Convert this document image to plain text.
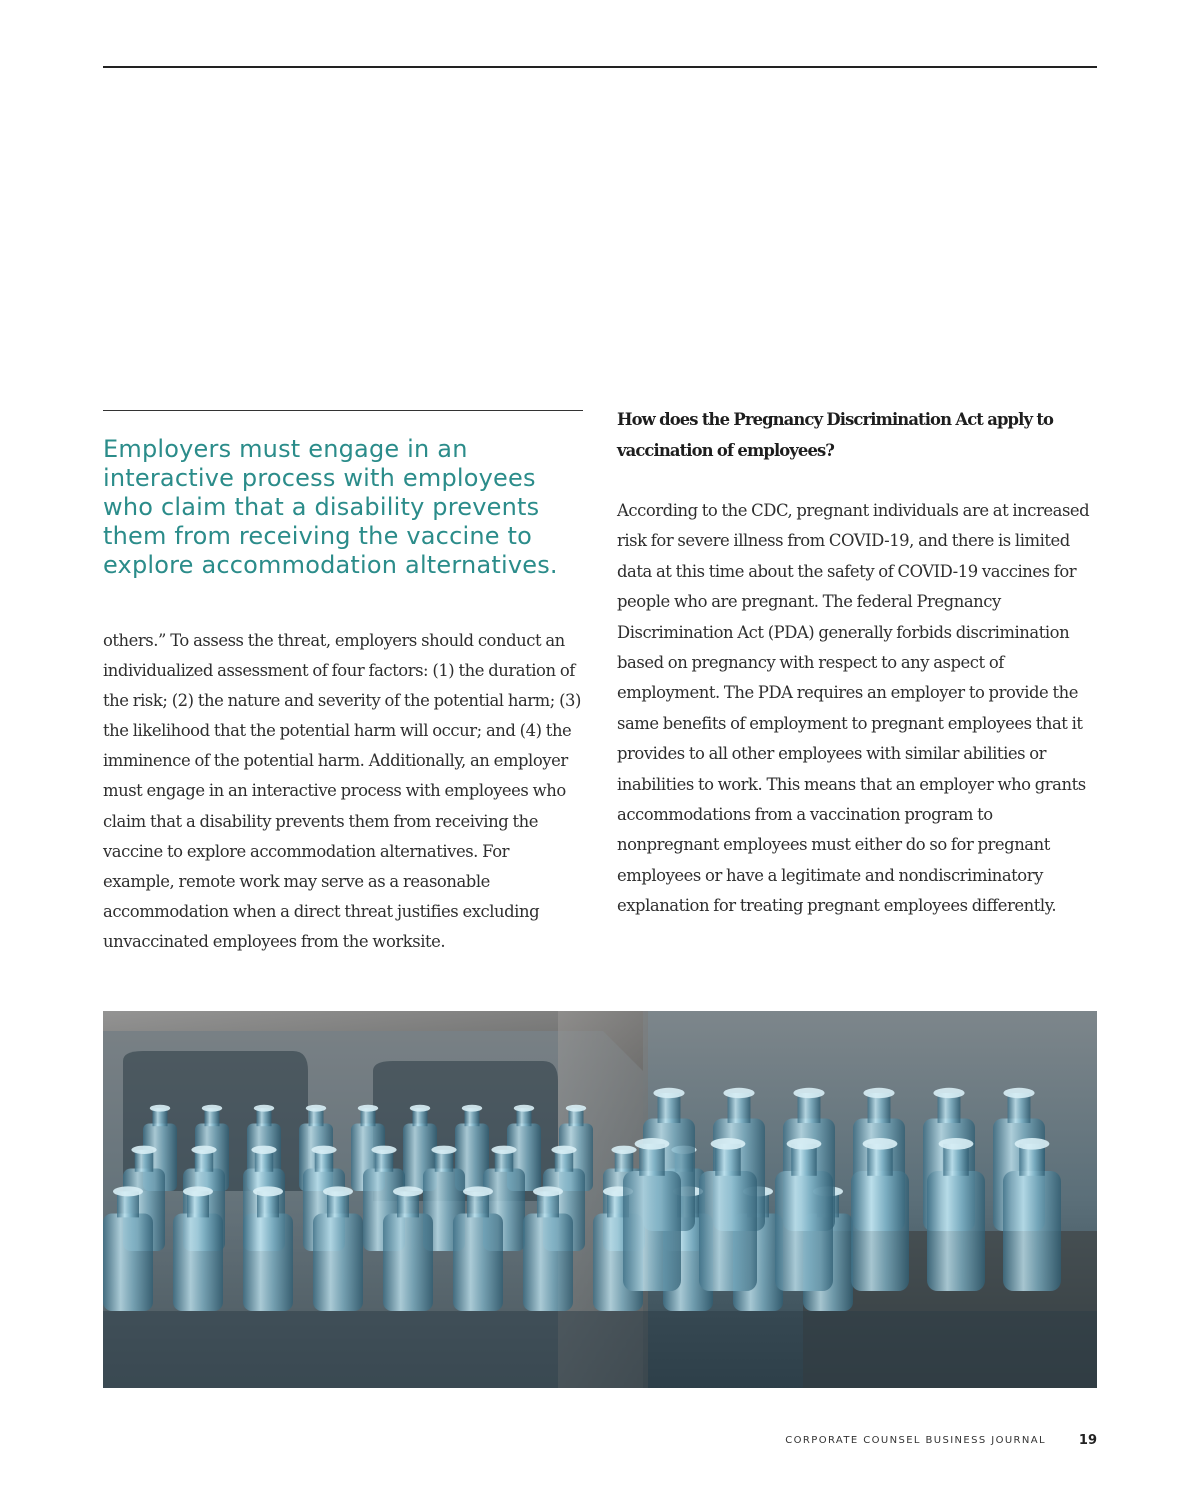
Employers must engage in an interactive process with employees who claim that a disability prevents them from receiving the vaccine to explore accommodation alternatives.

others.” To assess the threat, employers should conduct an individualized assessment of four factors: (1) the duration of the risk; (2) the nature and severity of the potential harm; (3) the likelihood that the potential harm will occur; and (4) the imminence of the potential harm. Additionally, an employer must engage in an interactive process with employees who claim that a disability prevents them from receiving the vaccine to explore accommodation alternatives. For example, remote work may serve as a reasonable accommodation when a direct threat justifies excluding unvaccinated employees from the worksite.

How does the Pregnancy Discrimination Act apply to vaccination of employees?

According to the CDC, pregnant individuals are at increased risk for severe illness from COVID-19, and there is limited data at this time about the safety of COVID-19 vaccines for people who are pregnant. The federal Pregnancy Discrimination Act (PDA) generally forbids discrimination based on pregnancy with respect to any aspect of employment. The PDA requires an employer to provide the same benefits of employment to pregnant employees that it provides to all other employees with similar abilities or inabilities to work. This means that an employer who grants accommodations from a vaccination program to nonpregnant employees must either do so for pregnant employees or have a legitimate and nondiscriminatory explanation for treating pregnant employees differently.

CORPORATE COUNSEL BUSINESS JOURNAL	19
